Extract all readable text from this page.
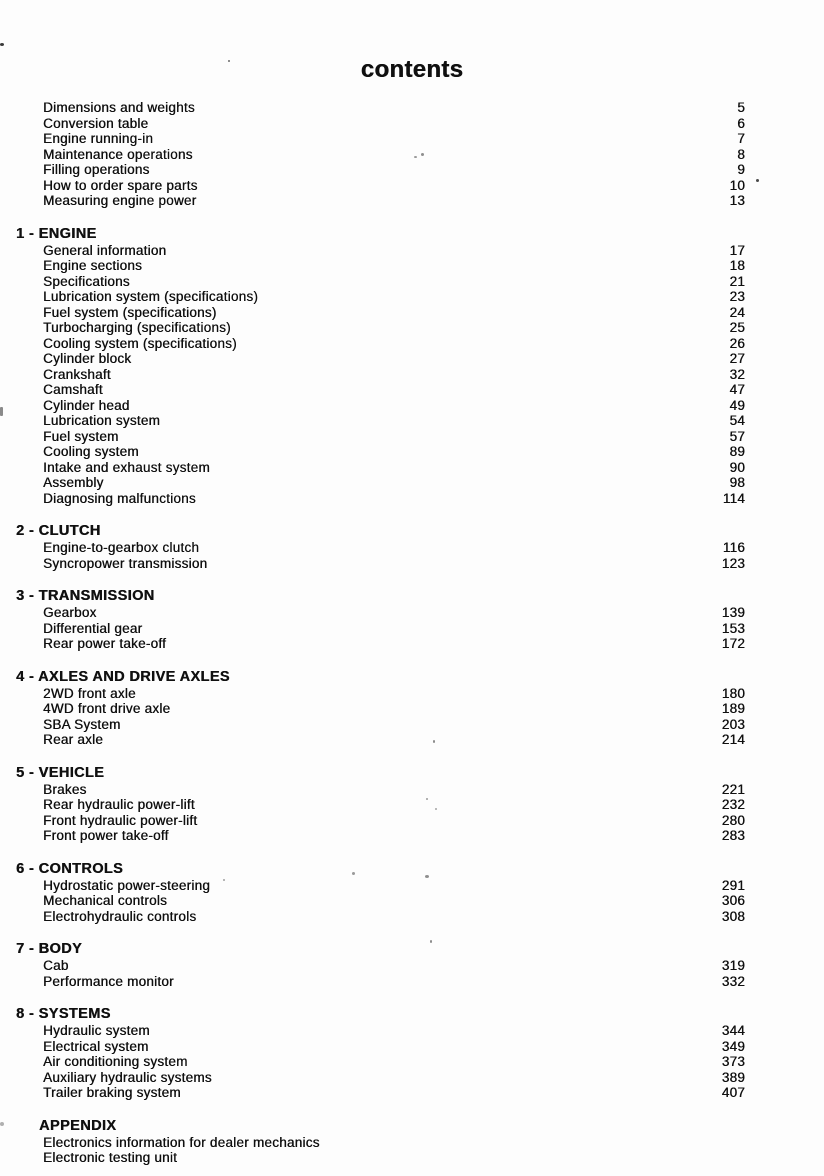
contents
Dimensions and weights	5
Conversion table	6
Engine running-in	7
Maintenance operations	8
Filling operations	9
How to order spare parts	10
Measuring engine power	13
1 - ENGINE
General information	17
Engine sections	18
Specifications	21
Lubrication system (specifications)	23
Fuel system (specifications)	24
Turbocharging (specifications)	25
Cooling system (specifications)	26
Cylinder block	27
Crankshaft	32
Camshaft	47
Cylinder head	49
Lubrication system	54
Fuel system	57
Cooling system	89
Intake and exhaust system	90
Assembly	98
Diagnosing malfunctions	114
2 - CLUTCH
Engine-to-gearbox clutch	116
Syncropower transmission	123
3 - TRANSMISSION
Gearbox	139
Differential gear	153
Rear power take-off	172
4 - AXLES AND DRIVE AXLES
2WD front axle	180
4WD front drive axle	189
SBA System	203
Rear axle	214
5 - VEHICLE
Brakes	221
Rear hydraulic power-lift	232
Front hydraulic power-lift	280
Front power take-off	283
6 - CONTROLS
Hydrostatic power-steering	291
Mechanical controls	306
Electrohydraulic controls	308
7 - BODY
Cab	319
Performance monitor	332
8 - SYSTEMS
Hydraulic system	344
Electrical system	349
Air conditioning system	373
Auxiliary hydraulic systems	389
Trailer braking system	407
APPENDIX
Electronics information for dealer mechanics
Electronic testing unit
